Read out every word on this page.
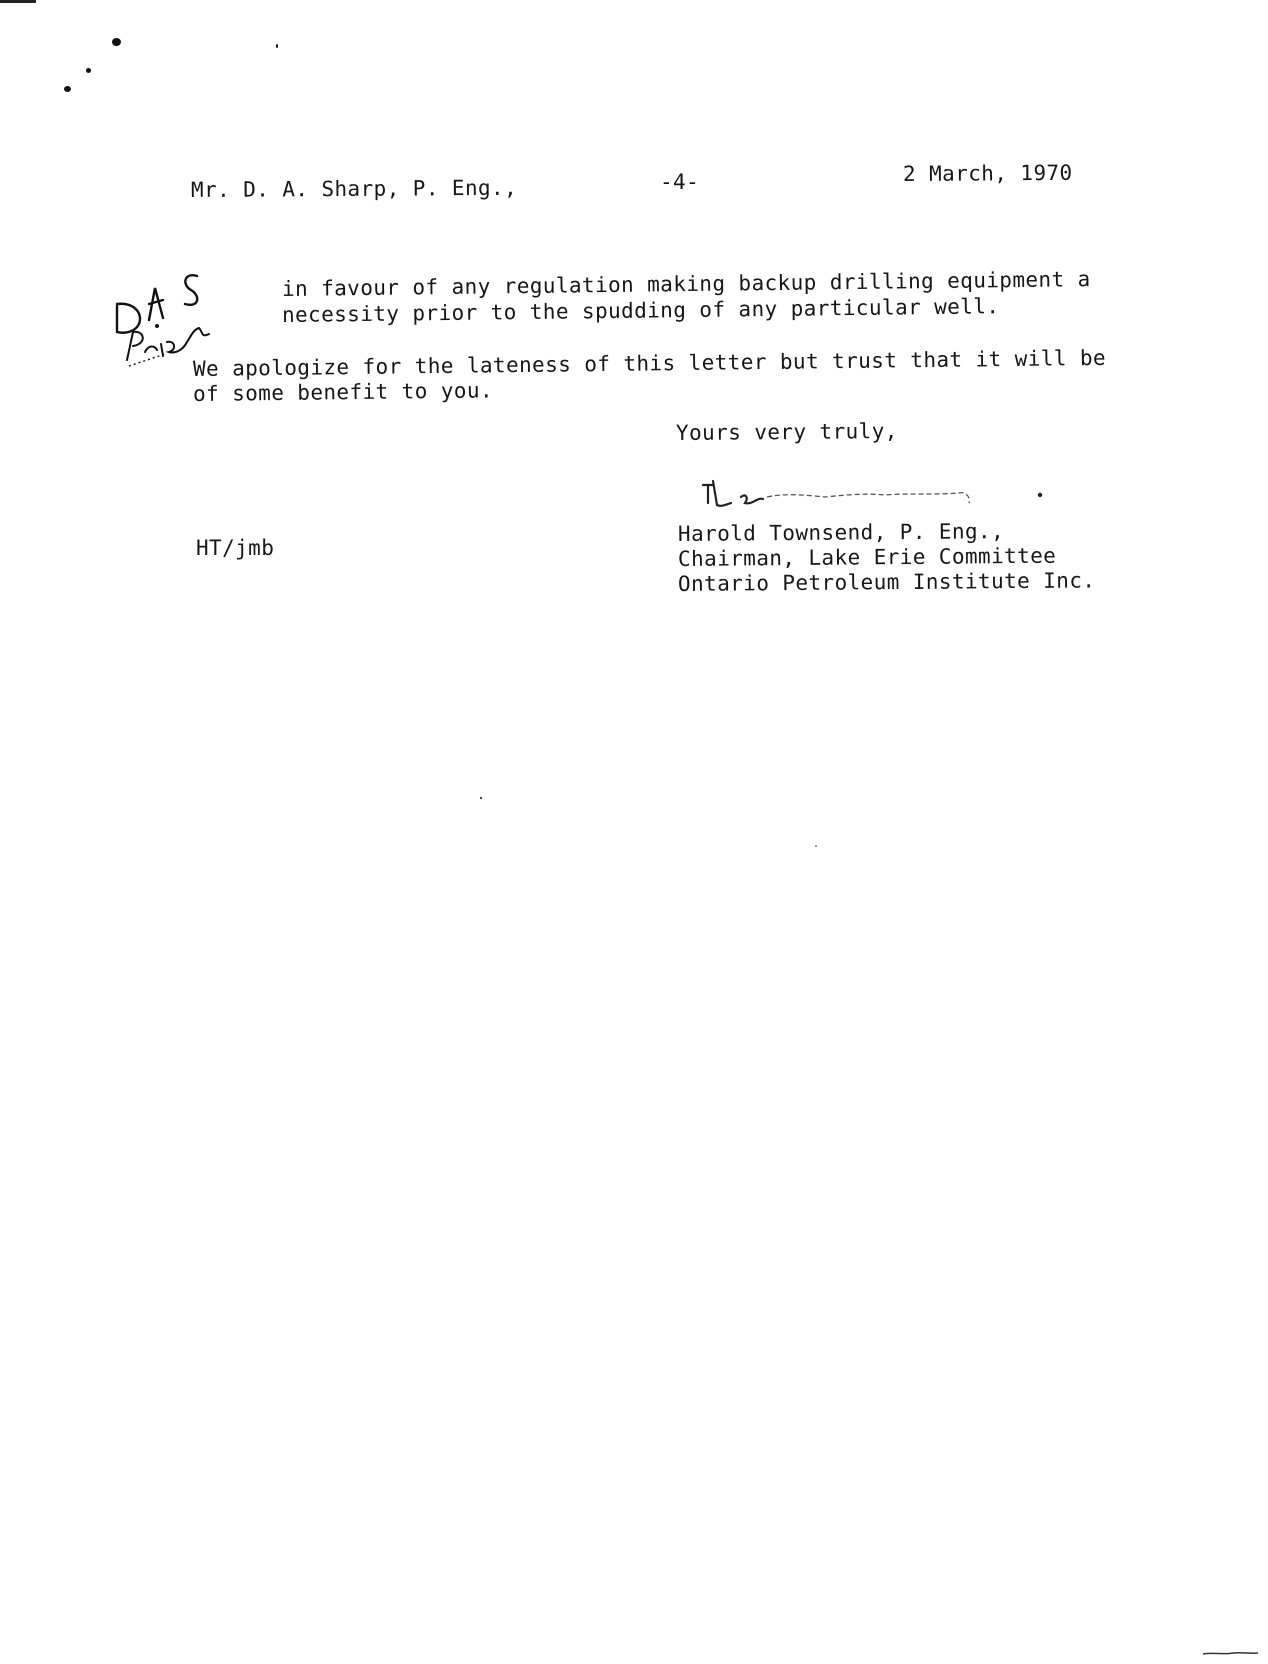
Mr. D. A. Sharp, P. Eng.,	-4-	2 March, 1970
in favour of any regulation making backup drilling equipment a
necessity prior to the spudding of any particular well.
We apologize for the lateness of this letter but trust that it will be
of some benefit to you.
Yours very truly,
HT/jmb
Harold Townsend, P. Eng.,
Chairman, Lake Erie Committee
Ontario Petroleum Institute Inc.
